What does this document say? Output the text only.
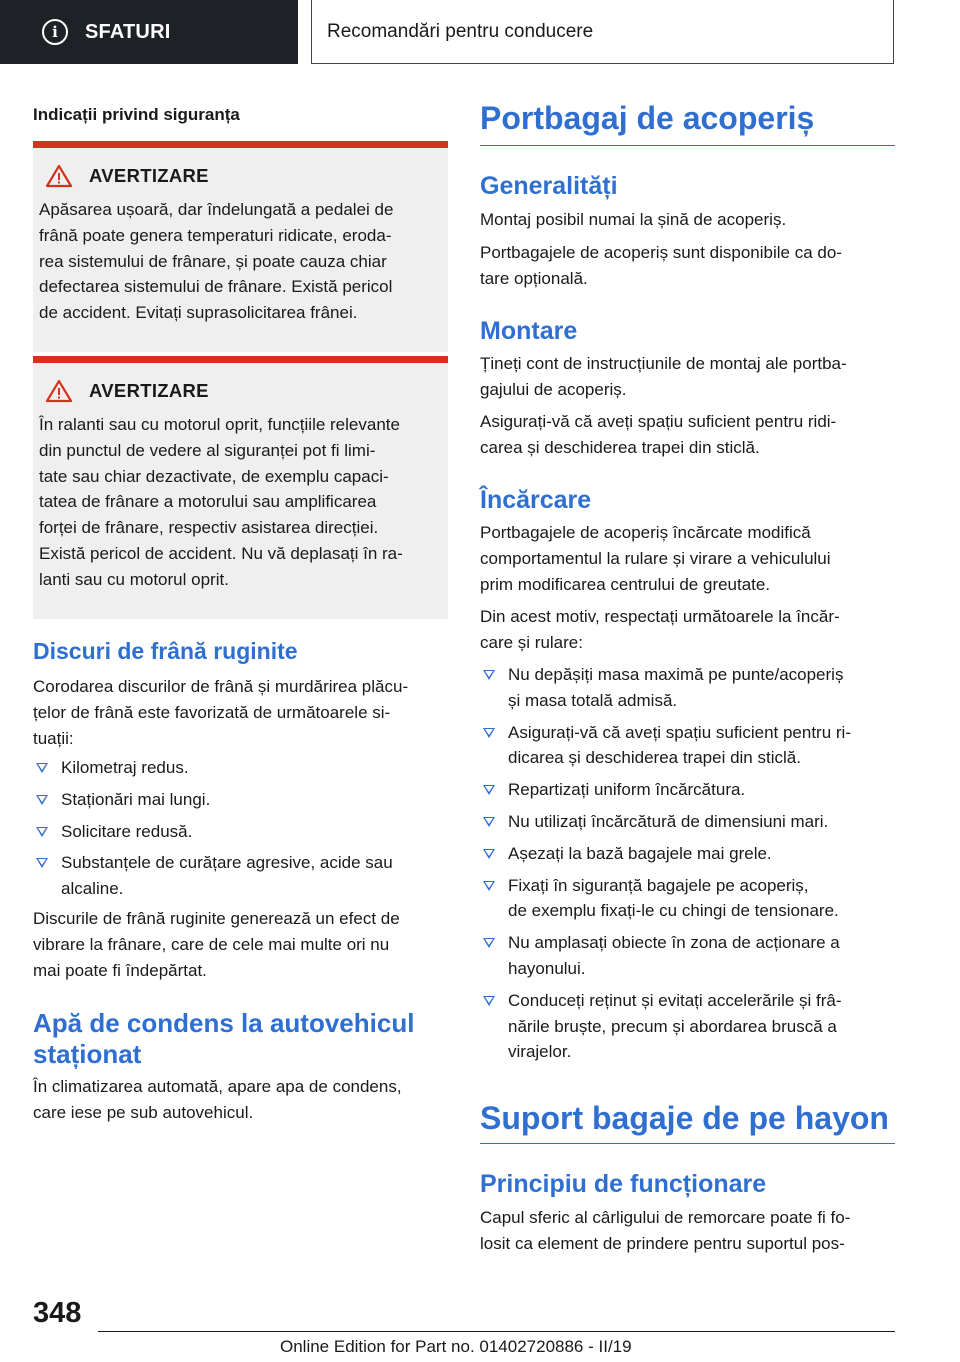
i	SFATURI	Recomandări pentru conducere
Indicații privind siguranța
AVERTIZARE
Apăsarea ușoară, dar îndelungată a pedalei de
frână poate genera temperaturi ridicate, eroda-
rea sistemului de frânare, și poate cauza chiar
defectarea sistemului de frânare. Există pericol
de accident. Evitați suprasolicitarea frânei.
AVERTIZARE
În ralanti sau cu motorul oprit, funcțiile relevante
din punctul de vedere al siguranței pot fi limi-
tate sau chiar dezactivate, de exemplu capaci-
tatea de frânare a motorului sau amplificarea
forței de frânare, respectiv asistarea direcției.
Există pericol de accident. Nu vă deplasați în ra-
lanti sau cu motorul oprit.
Discuri de frână ruginite
Corodarea discurilor de frână și murdărirea plăcu-
țelor de frână este favorizată de următoarele si-
tuații:
Kilometraj redus.
Staționări mai lungi.
Solicitare redusă.
Substanțele de curățare agresive, acide sau
alcaline.
Discurile de frână ruginite generează un efect de
vibrare la frânare, care de cele mai multe ori nu
mai poate fi îndepărtat.
Apă de condens la autovehicul
staționat
În climatizarea automată, apare apa de condens,
care iese pe sub autovehicul.
Portbagaj de acoperiș
Generalități
Montaj posibil numai la șină de acoperiș.
Portbagajele de acoperiș sunt disponibile ca do-
tare opțională.
Montare
Țineți cont de instrucțiunile de montaj ale portba-
gajului de acoperiș.
Asigurați-vă că aveți spațiu suficient pentru ridi-
carea și deschiderea trapei din sticlă.
Încărcare
Portbagajele de acoperiș încărcate modifică
comportamentul la rulare și virare a vehiculului
prim modificarea centrului de greutate.
Din acest motiv, respectați următoarele la încăr-
care și rulare:
Nu depășiți masa maximă pe punte/acoperiș
și masa totală admisă.
Asigurați-vă că aveți spațiu suficient pentru ri-
dicarea și deschiderea trapei din sticlă.
Repartizați uniform încărcătura.
Nu utilizați încărcătură de dimensiuni mari.
Așezați la bază bagajele mai grele.
Fixați în siguranță bagajele pe acoperiș,
de exemplu fixați-le cu chingi de tensionare.
Nu amplasați obiecte în zona de acționare a
hayonului.
Conduceți reținut și evitați accelerările și frâ-
nările bruște, precum și abordarea bruscă a
virajelor.
Suport bagaje de pe hayon
Principiu de funcționare
Capul sferic al cârligului de remorcare poate fi fo-
losit ca element de prindere pentru suportul pos-
348
Online Edition for Part no. 01402720886 - II/19
